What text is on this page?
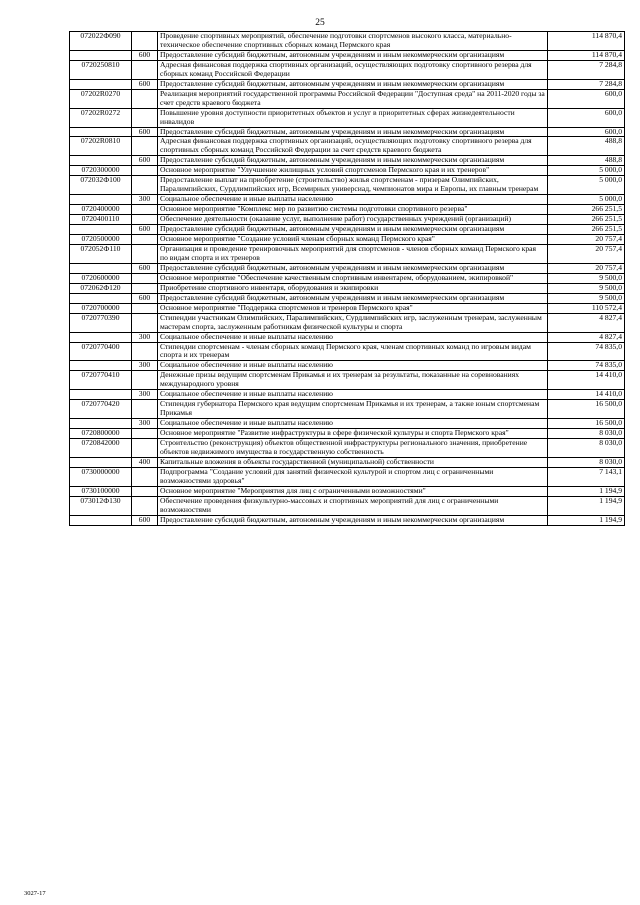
25
072022Ф090		Проведение спортивных мероприятий, обеспечение подготовки спортсменов высокого класса, материально-техническое обеспечение спортивных сборных команд Пермского края	114 870,4
	600	Предоставление субсидий бюджетным, автономным учреждениям и иным некоммерческим организациям	114 870,4
0720250810		Адресная финансовая поддержка спортивных организаций, осуществляющих подготовку спортивного резерва для сборных команд Российской Федерации	7 284,8
	600	Предоставление субсидий бюджетным, автономным учреждениям и иным некоммерческим организациям	7 284,8
07202R0270		Реализация мероприятий государственной программы Российской Федерации "Доступная среда" на 2011-2020 годы за счет средств краевого бюджета	600,0
07202R0272		Повышение уровня доступности приоритетных объектов и услуг в приоритетных сферах жизнедеятельности инвалидов	600,0
	600	Предоставление субсидий бюджетным, автономным учреждениям и иным некоммерческим организациям	600,0
07202R0810		Адресная финансовая поддержка спортивных организаций, осуществляющих подготовку спортивного резерва для спортивных сборных команд Российской Федерации за счет средств краевого бюджета	488,8
	600	Предоставление субсидий бюджетным, автономным учреждениям и иным некоммерческим организациям	488,8
0720300000		Основное мероприятие "Улучшение жилищных условий спортсменов Пермского края и их тренеров"	5 000,0
072032Ф100		Предоставление выплат на приобретение (строительство) жилья спортсменам - призерам Олимпийских, Паралимпийских, Сурдлимпийских игр, Всемирных универсиад, чемпионатов мира и Европы, их главным тренерам	5 000,0
	300	Социальное обеспечение и иные выплаты населению	5 000,0
0720400000		Основное мероприятие "Комплекс мер по развитию системы подготовки спортивного резерва"	266 251,5
0720400110		Обеспечение деятельности (оказание услуг, выполнение работ) государственных учреждений (организаций)	266 251,5
	600	Предоставление субсидий бюджетным, автономным учреждениям и иным некоммерческим организациям	266 251,5
0720500000		Основное мероприятие "Создание условий членам сборных команд Пермского края"	20 757,4
072052Ф110		Организация и проведение тренировочных мероприятий для спортсменов - членов сборных команд Пермского края по видам спорта и их тренеров	20 757,4
	600	Предоставление субсидий бюджетным, автономным учреждениям и иным некоммерческим организациям	20 757,4
0720600000		Основное мероприятие "Обеспечение качественным спортивным инвентарем, оборудованием, экипировкой"	9 500,0
072062Ф120		Приобретение спортивного инвентаря, оборудования и экипировки	9 500,0
	600	Предоставление субсидий бюджетным, автономным учреждениям и иным некоммерческим организациям	9 500,0
0720700000		Основное мероприятие "Поддержка спортсменов и тренеров Пермского края"	110 572,4
0720770390		Стипендии участникам Олимпийских, Паралимпийских, Сурдлимпийских игр, заслуженным тренерам, заслуженным мастерам спорта, заслуженным работникам физической культуры и спорта	4 827,4
	300	Социальное обеспечение и иные выплаты населению	4 827,4
0720770400		Стипендии спортсменам - членам сборных команд Пермского края, членам спортивных команд по игровым видам спорта и их тренерам	74 835,0
	300	Социальное обеспечение и иные выплаты населению	74 835,0
0720770410		Денежные призы ведущим спортсменам Прикамья и их тренерам за результаты, показанные на соревнованиях международного уровня	14 410,0
	300	Социальное обеспечение и иные выплаты населению	14 410,0
0720770420		Стипендия губернатора Пермского края ведущим спортсменам Прикамья и их тренерам, а также юным спортсменам Прикамья	16 500,0
	300	Социальное обеспечение и иные выплаты населению	16 500,0
0720800000		Основное мероприятие "Развитие инфраструктуры в сфере физической культуры и спорта Пермского края"	8 030,0
0720842000		Строительство (реконструкция) объектов общественной инфраструктуры регионального значения, приобретение объектов недвижимого имущества в государственную собственность	8 030,0
	400	Капитальные вложения в объекты государственной (муниципальной) собственности	8 030,0
0730000000		Подпрограмма "Создание условий для занятий физической культурой и спортом лиц с ограниченными возможностями здоровья"	7 143,1
0730100000		Основное мероприятие "Мероприятия для лиц с ограниченными возможностями"	1 194,9
073012Ф130		Обеспечение проведения физкультурно-массовых и спортивных мероприятий для лиц с ограниченными возможностями	1 194,9
	600	Предоставление субсидий бюджетным, автономным учреждениям и иным некоммерческим организациям	1 194,9
3027-17
